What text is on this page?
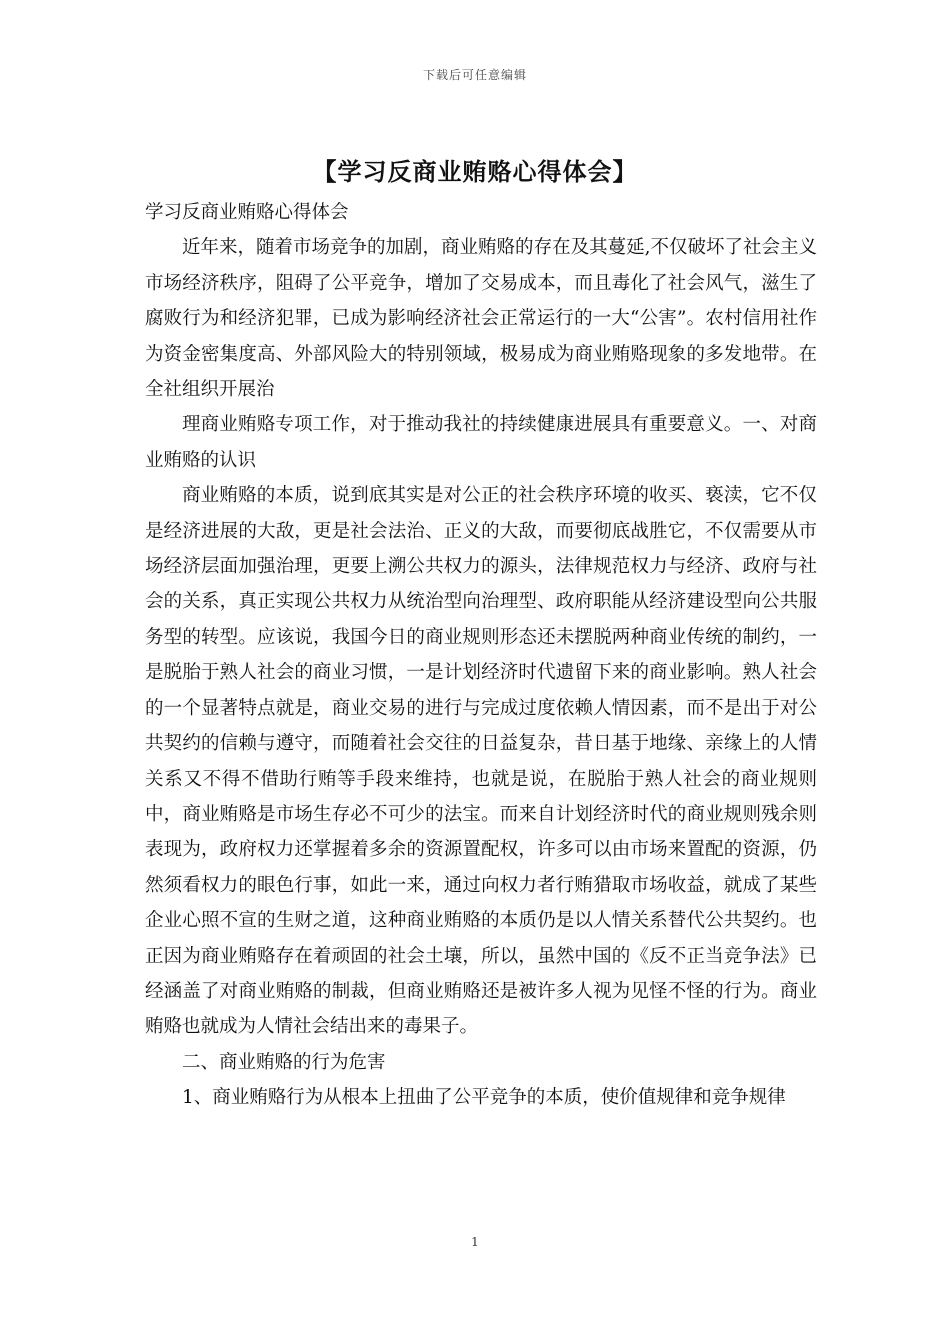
下载后可任意编辑
【学习反商业贿赂心得体会】

学习反商业贿赂心得体会

近年来，随着市场竞争的加剧，商业贿赂的存在及其蔓延,不仅破坏了社会主义市场经济秩序，阻碍了公平竞争，增加了交易成本，而且毒化了社会风气，滋生了腐败行为和经济犯罪，已成为影响经济社会正常运行的一大“公害”。农村信用社作为资金密集度高、外部风险大的特别领域，极易成为商业贿赂现象的多发地带。在全社组织开展治

理商业贿赂专项工作，对于推动我社的持续健康进展具有重要意义。一、对商业贿赂的认识

商业贿赂的本质，说到底其实是对公正的社会秩序环境的收买、亵渎，它不仅是经济进展的大敌，更是社会法治、正义的大敌，而要彻底战胜它，不仅需要从市场经济层面加强治理，更要上溯公共权力的源头，法律规范权力与经济、政府与社会的关系，真正实现公共权力从统治型向治理型、政府职能从经济建设型向公共服务型的转型。应该说，我国今日的商业规则形态还未摆脱两种商业传统的制约，一是脱胎于熟人社会的商业习惯，一是计划经济时代遗留下来的商业影响。熟人社会的一个显著特点就是，商业交易的进行与完成过度依赖人情因素，而不是出于对公共契约的信赖与遵守，而随着社会交往的日益复杂，昔日基于地缘、亲缘上的人情关系又不得不借助行贿等手段来维持，也就是说，在脱胎于熟人社会的商业规则中，商业贿赂是市场生存必不可少的法宝。而来自计划经济时代的商业规则残余则表现为，政府权力还掌握着多余的资源置配权，许多可以由市场来置配的资源，仍然须看权力的眼色行事，如此一来，通过向权力者行贿猎取市场收益，就成了某些企业心照不宣的生财之道，这种商业贿赂的本质仍是以人情关系替代公共契约。也正因为商业贿赂存在着顽固的社会土壤，所以，虽然中国的《反不正当竞争法》已经涵盖了对商业贿赂的制裁，但商业贿赂还是被许多人视为见怪不怪的行为。商业贿赂也就成为人情社会结出来的毒果子。

二、商业贿赂的行为危害

1、商业贿赂行为从根本上扭曲了公平竞争的本质，使价值规律和竞争规律

1
